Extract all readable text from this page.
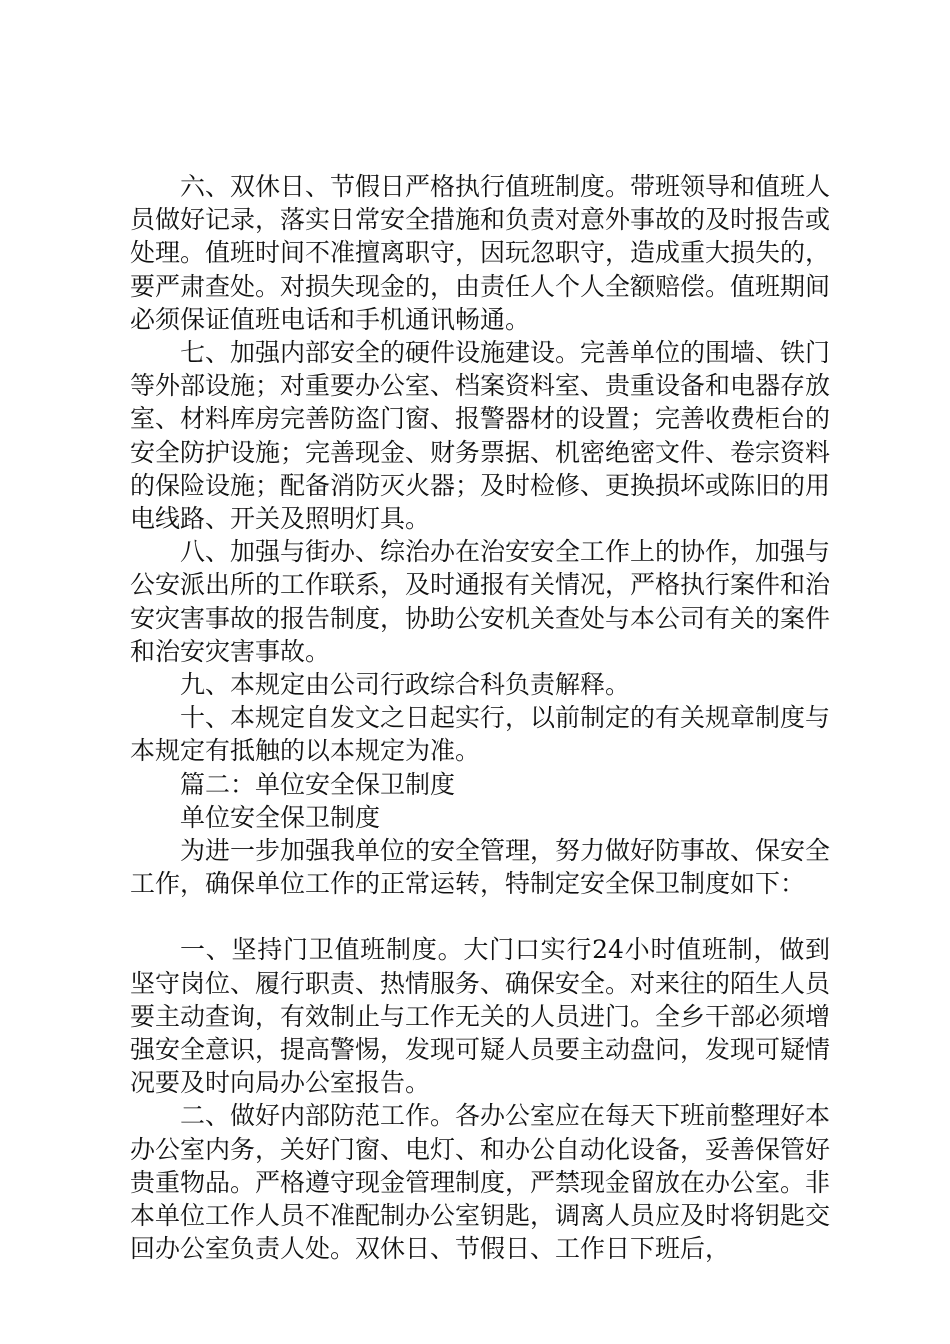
六、双休日、节假日严格执行值班制度。带班领导和值班人员做好记录，落实日常安全措施和负责对意外事故的及时报告或处理。值班时间不准擅离职守，因玩忽职守，造成重大损失的，要严肃查处。对损失现金的，由责任人个人全额赔偿。值班期间必须保证值班电话和手机通讯畅通。

七、加强内部安全的硬件设施建设。完善单位的围墙、铁门等外部设施；对重要办公室、档案资料室、贵重设备和电器存放室、材料库房完善防盗门窗、报警器材的设置；完善收费柜台的安全防护设施；完善现金、财务票据、机密绝密文件、卷宗资料的保险设施；配备消防灭火器；及时检修、更换损坏或陈旧的用电线路、开关及照明灯具。

八、加强与街办、综治办在治安安全工作上的协作，加强与公安派出所的工作联系，及时通报有关情况，严格执行案件和治安灾害事故的报告制度，协助公安机关查处与本公司有关的案件和治安灾害事故。

九、本规定由公司行政综合科负责解释。

十、本规定自发文之日起实行，以前制定的有关规章制度与本规定有抵触的以本规定为准。

篇二：单位安全保卫制度

单位安全保卫制度

为进一步加强我单位的安全管理，努力做好防事故、保安全工作，确保单位工作的正常运转，特制定安全保卫制度如下：

一、坚持门卫值班制度。大门口实行24小时值班制，做到坚守岗位、履行职责、热情服务、确保安全。对来往的陌生人员要主动查询，有效制止与工作无关的人员进门。全乡干部必须增强安全意识，提高警惕，发现可疑人员要主动盘问，发现可疑情况要及时向局办公室报告。

二、做好内部防范工作。各办公室应在每天下班前整理好本办公室内务，关好门窗、电灯、和办公自动化设备，妥善保管好贵重物品。严格遵守现金管理制度，严禁现金留放在办公室。非本单位工作人员不准配制办公室钥匙，调离人员应及时将钥匙交回办公室负责人处。双休日、节假日、工作日下班后，
